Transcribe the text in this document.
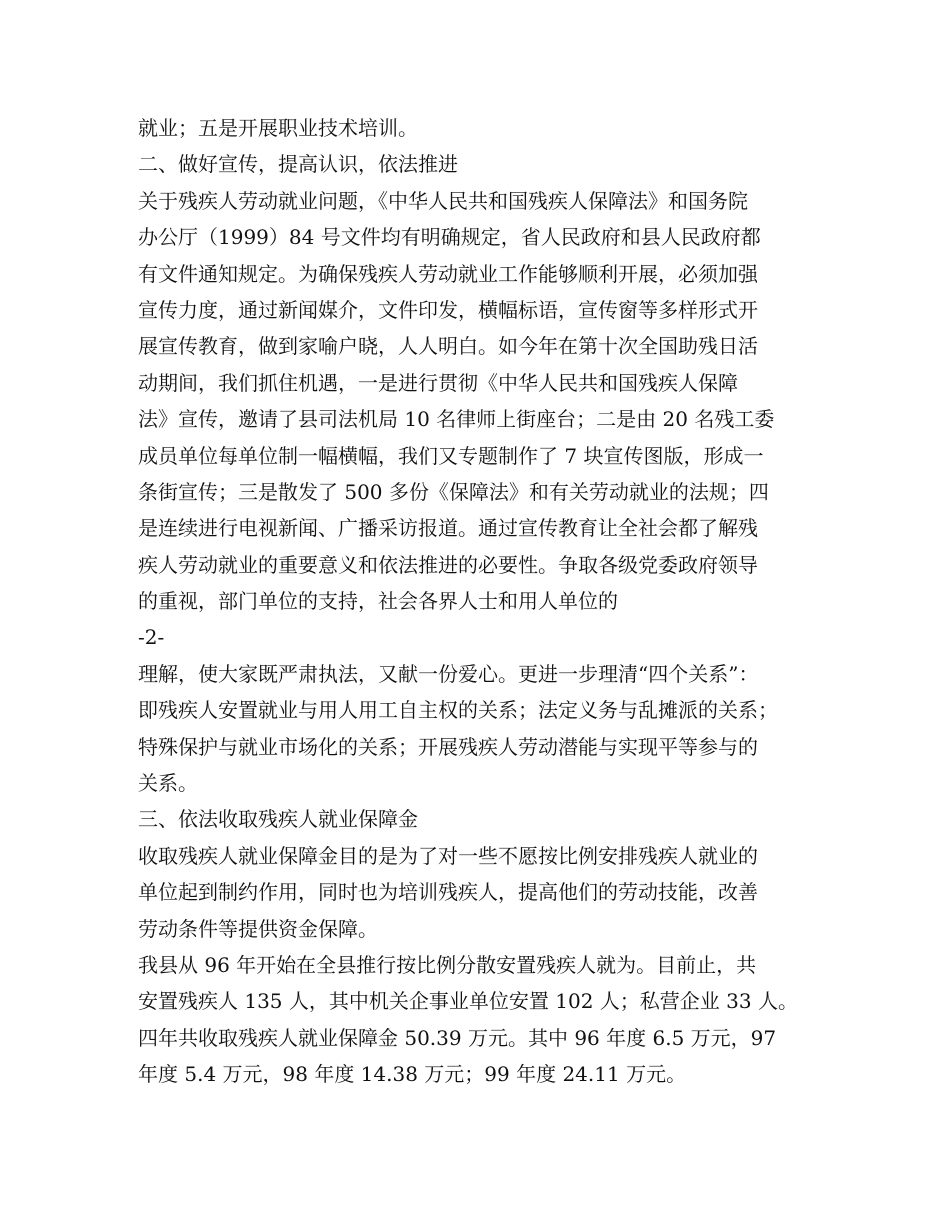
就业；五是开展职业技术培训。
二、做好宣传，提高认识，依法推进
关于残疾人劳动就业问题，《中华人民共和国残疾人保障法》和国务院
办公厅（1999）84 号文件均有明确规定，省人民政府和县人民政府都
有文件通知规定。为确保残疾人劳动就业工作能够顺利开展，必须加强
宣传力度，通过新闻媒介，文件印发，横幅标语，宣传窗等多样形式开
展宣传教育，做到家喻户晓，人人明白。如今年在第十次全国助残日活
动期间，我们抓住机遇，一是进行贯彻《中华人民共和国残疾人保障
法》宣传，邀请了县司法机局 10 名律师上街座台；二是由 20 名残工委
成员单位每单位制一幅横幅，我们又专题制作了 7 块宣传图版，形成一
条街宣传；三是散发了 500 多份《保障法》和有关劳动就业的法规；四
是连续进行电视新闻、广播采访报道。通过宣传教育让全社会都了解残
疾人劳动就业的重要意义和依法推进的必要性。争取各级党委政府领导
的重视，部门单位的支持，社会各界人士和用人单位的
-2-
理解，使大家既严肃执法，又献一份爱心。更进一步理清“四个关系”：
即残疾人安置就业与用人用工自主权的关系；法定义务与乱摊派的关系；
特殊保护与就业市场化的关系；开展残疾人劳动潜能与实现平等参与的
关系。
三、依法收取残疾人就业保障金
收取残疾人就业保障金目的是为了对一些不愿按比例安排残疾人就业的
单位起到制约作用，同时也为培训残疾人，提高他们的劳动技能，改善
劳动条件等提供资金保障。
我县从 96 年开始在全县推行按比例分散安置残疾人就为。目前止，共
安置残疾人 135 人，其中机关企事业单位安置 102 人；私营企业 33 人。
四年共收取残疾人就业保障金 50.39 万元。其中 96 年度 6.5 万元，97
年度 5.4 万元，98 年度 14.38 万元；99 年度 24.11 万元。
